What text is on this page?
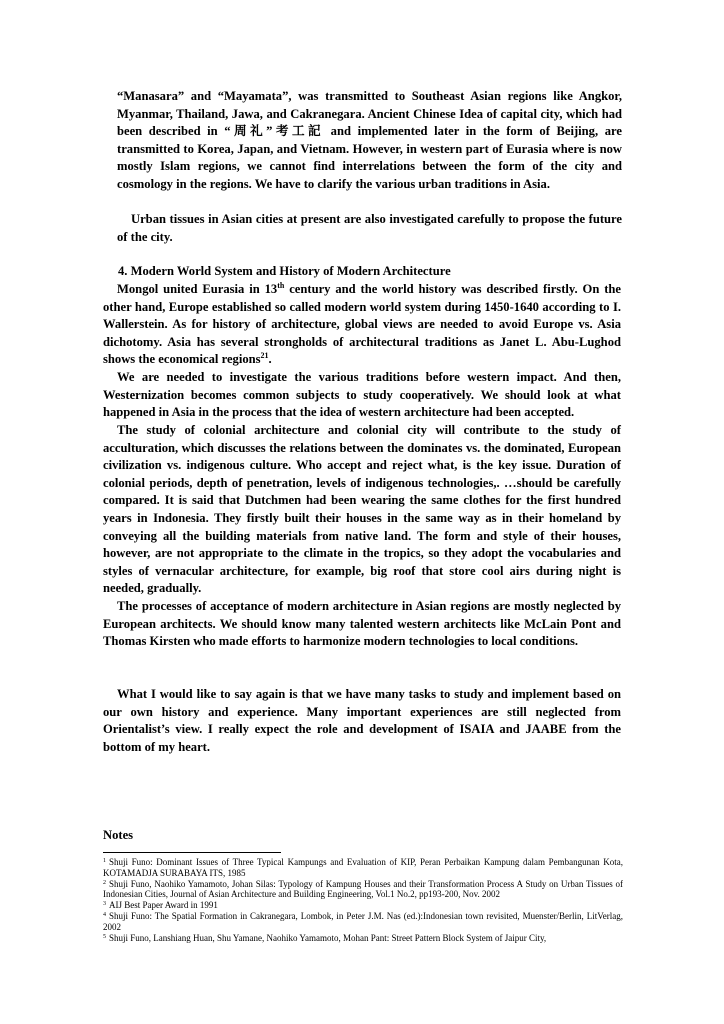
“Manasara” and “Mayamata”, was transmitted to Southeast Asian regions like Angkor, Myanmar, Thailand, Jawa, and Cakranegara. Ancient Chinese Idea of capital city, which had been described in “周礼”考工記 and implemented later in the form of Beijing, are transmitted to Korea, Japan, and Vietnam. However, in western part of Eurasia where is now mostly Islam regions, we cannot find interrelations between the form of the city and cosmology in the regions. We have to clarify the various urban traditions in Asia.

Urban tissues in Asian cities at present are also investigated carefully to propose the future of the city.

4. Modern World System and History of Modern Architecture

Mongol united Eurasia in 13th century and the world history was described firstly. On the other hand, Europe established so called modern world system during 1450-1640 according to I. Wallerstein. As for history of architecture, global views are needed to avoid Europe vs. Asia dichotomy. Asia has several strongholds of architectural traditions as Janet L. Abu-Lughod shows the economical regions$^{21}$.

We are needed to investigate the various traditions before western impact. And then, Westernization becomes common subjects to study cooperatively. We should look at what happened in Asia in the process that the idea of western architecture had been accepted.

The study of colonial architecture and colonial city will contribute to the study of acculturation, which discusses the relations between the dominates vs. the dominated, European civilization vs. indigenous culture. Who accept and reject what, is the key issue. Duration of colonial periods, depth of penetration, levels of indigenous technologies,. …should be carefully compared. It is said that Dutchmen had been wearing the same clothes for the first hundred years in Indonesia. They firstly built their houses in the same way as in their homeland by conveying all the building materials from native land. The form and style of their houses, however, are not appropriate to the climate in the tropics, so they adopt the vocabularies and styles of vernacular architecture, for example, big roof that store cool airs during night is needed, gradually.

The processes of acceptance of modern architecture in Asian regions are mostly neglected by European architects. We should know many talented western architects like McLain Pont and Thomas Kirsten who made efforts to harmonize modern technologies to local conditions.

What I would like to say again is that we have many tasks to study and implement based on our own history and experience. Many important experiences are still neglected from Orientalist’s view. I really expect the role and development of ISAIA and JAABE from the bottom of my heart.

Notes

$^1$ Shuji Funo: Dominant Issues of Three Typical Kampungs and Evaluation of KIP, Peran Perbaikan Kampung dalam Pembangunan Kota, KOTAMADJA SURABAYA ITS, 1985

$^2$ Shuji Funo, Naohiko Yamamoto, Johan Silas: Typology of Kampung Houses and their Transformation Process A Study on Urban Tissues of Indonesian Cities, Journal of Asian Architecture and Building Engineering, Vol.1 No.2, pp193-200, Nov. 2002

$^3$ AIJ Best Paper Award in 1991

$^4$ Shuji Funo: The Spatial Formation in Cakranegara, Lombok, in Peter J.M. Nas (ed.):Indonesian town revisited, Muenster/Berlin, LitVerlag, 2002

$^5$ Shuji Funo, Lanshiang Huan, Shu Yamane, Naohiko Yamamoto, Mohan Pant: Street Pattern Block System of Jaipur City,
